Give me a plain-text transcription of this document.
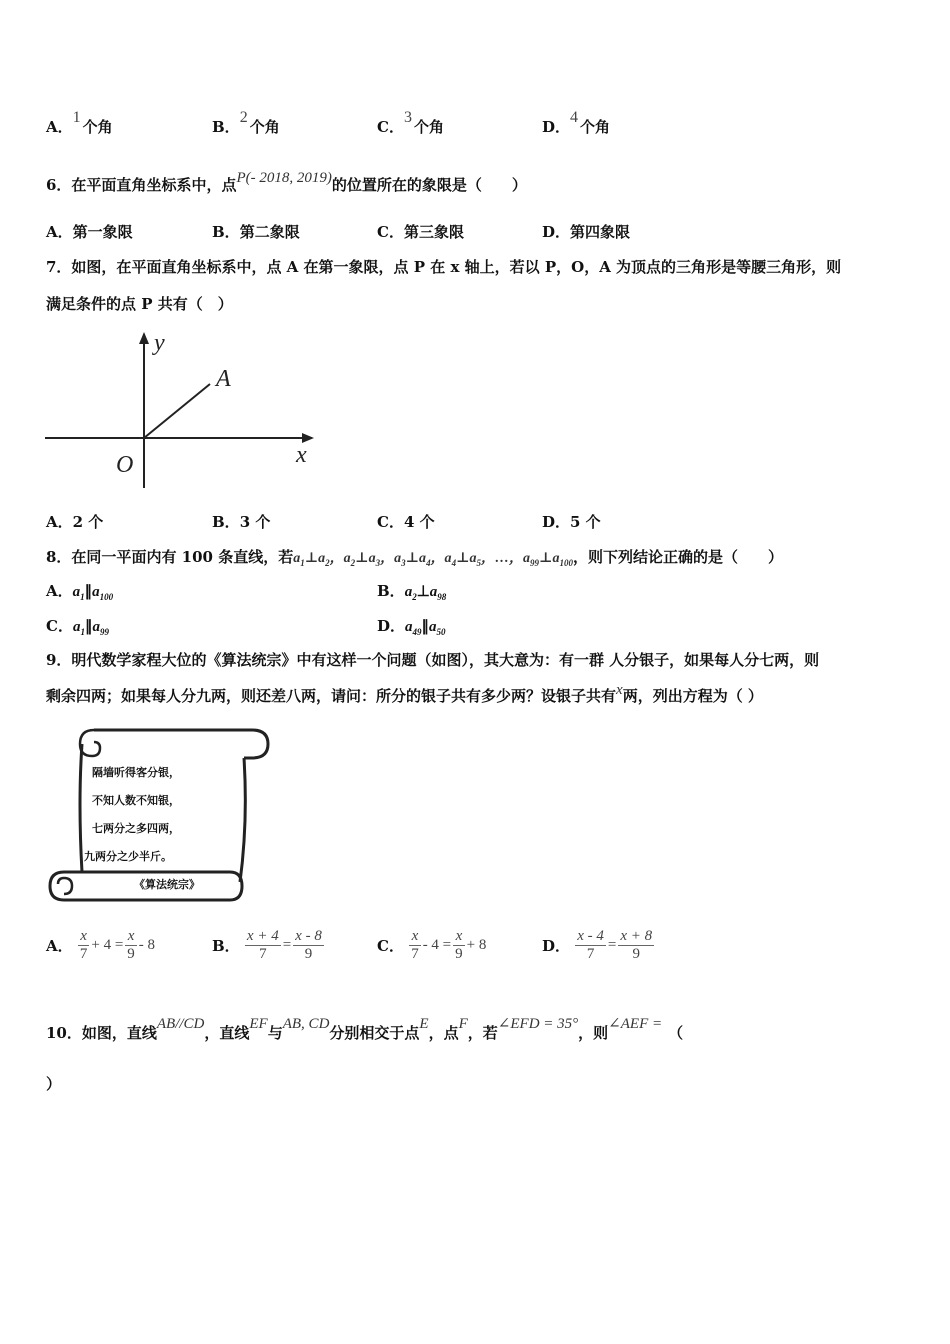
A．1个角	B．2个角	C．3个角	D．4个角
6．在平面直角坐标系中，点P(- 2018, 2019)的位置所在的象限是（　　）
A．第一象限	B．第二象限	C．第三象限	D．第四象限
7．如图，在平面直角坐标系中，点 A 在第一象限，点 P 在 x 轴上，若以 P，O，A 为顶点的三角形是等腰三角形，则
满足条件的点 P 共有（　）
y
x
O
A
A．2 个	B．3 个	C．4 个	D．5 个
8．在同一平面内有 100 条直线，若$a_1\perp a_2$，$a_2\perp a_3$，$a_3\perp a_4$，$a_4\perp a_5$，…，$a_{99}\perp a_{100}$，则下列结论正确的是（　　）
A．$a_1\parallel a_{100}$	B．$a_2\perp a_{98}$
C．$a_1\parallel a_{99}$	D．$a_{49}\parallel a_{50}$
9．明代数学家程大位的《算法统宗》中有这样一个问题（如图），其大意为：有一群 人分银子，如果每人分七两，则
剩余四两；如果每人分九两，则还差八两，请问：所分的银子共有多少两？设银子共有x两，列出方程为（ ）
隔墙听得客分银，
不知人数不知银，
七两分之多四两，
九两分之少半斤。
《算法统宗》
A． $\frac{x}{7} + 4 = \frac{x}{9} - 8$	B． $\frac{x + 4}{7} = \frac{x - 8}{9}$	C． $\frac{x}{7} - 4 = \frac{x}{9} + 8$	D． $\frac{x - 4}{7} = \frac{x + 8}{9}$
10．如图，直线AB//CD，直线EF与AB, CD分别相交于点E，点F，若∠EFD = 35°，则∠AEF = （
）
